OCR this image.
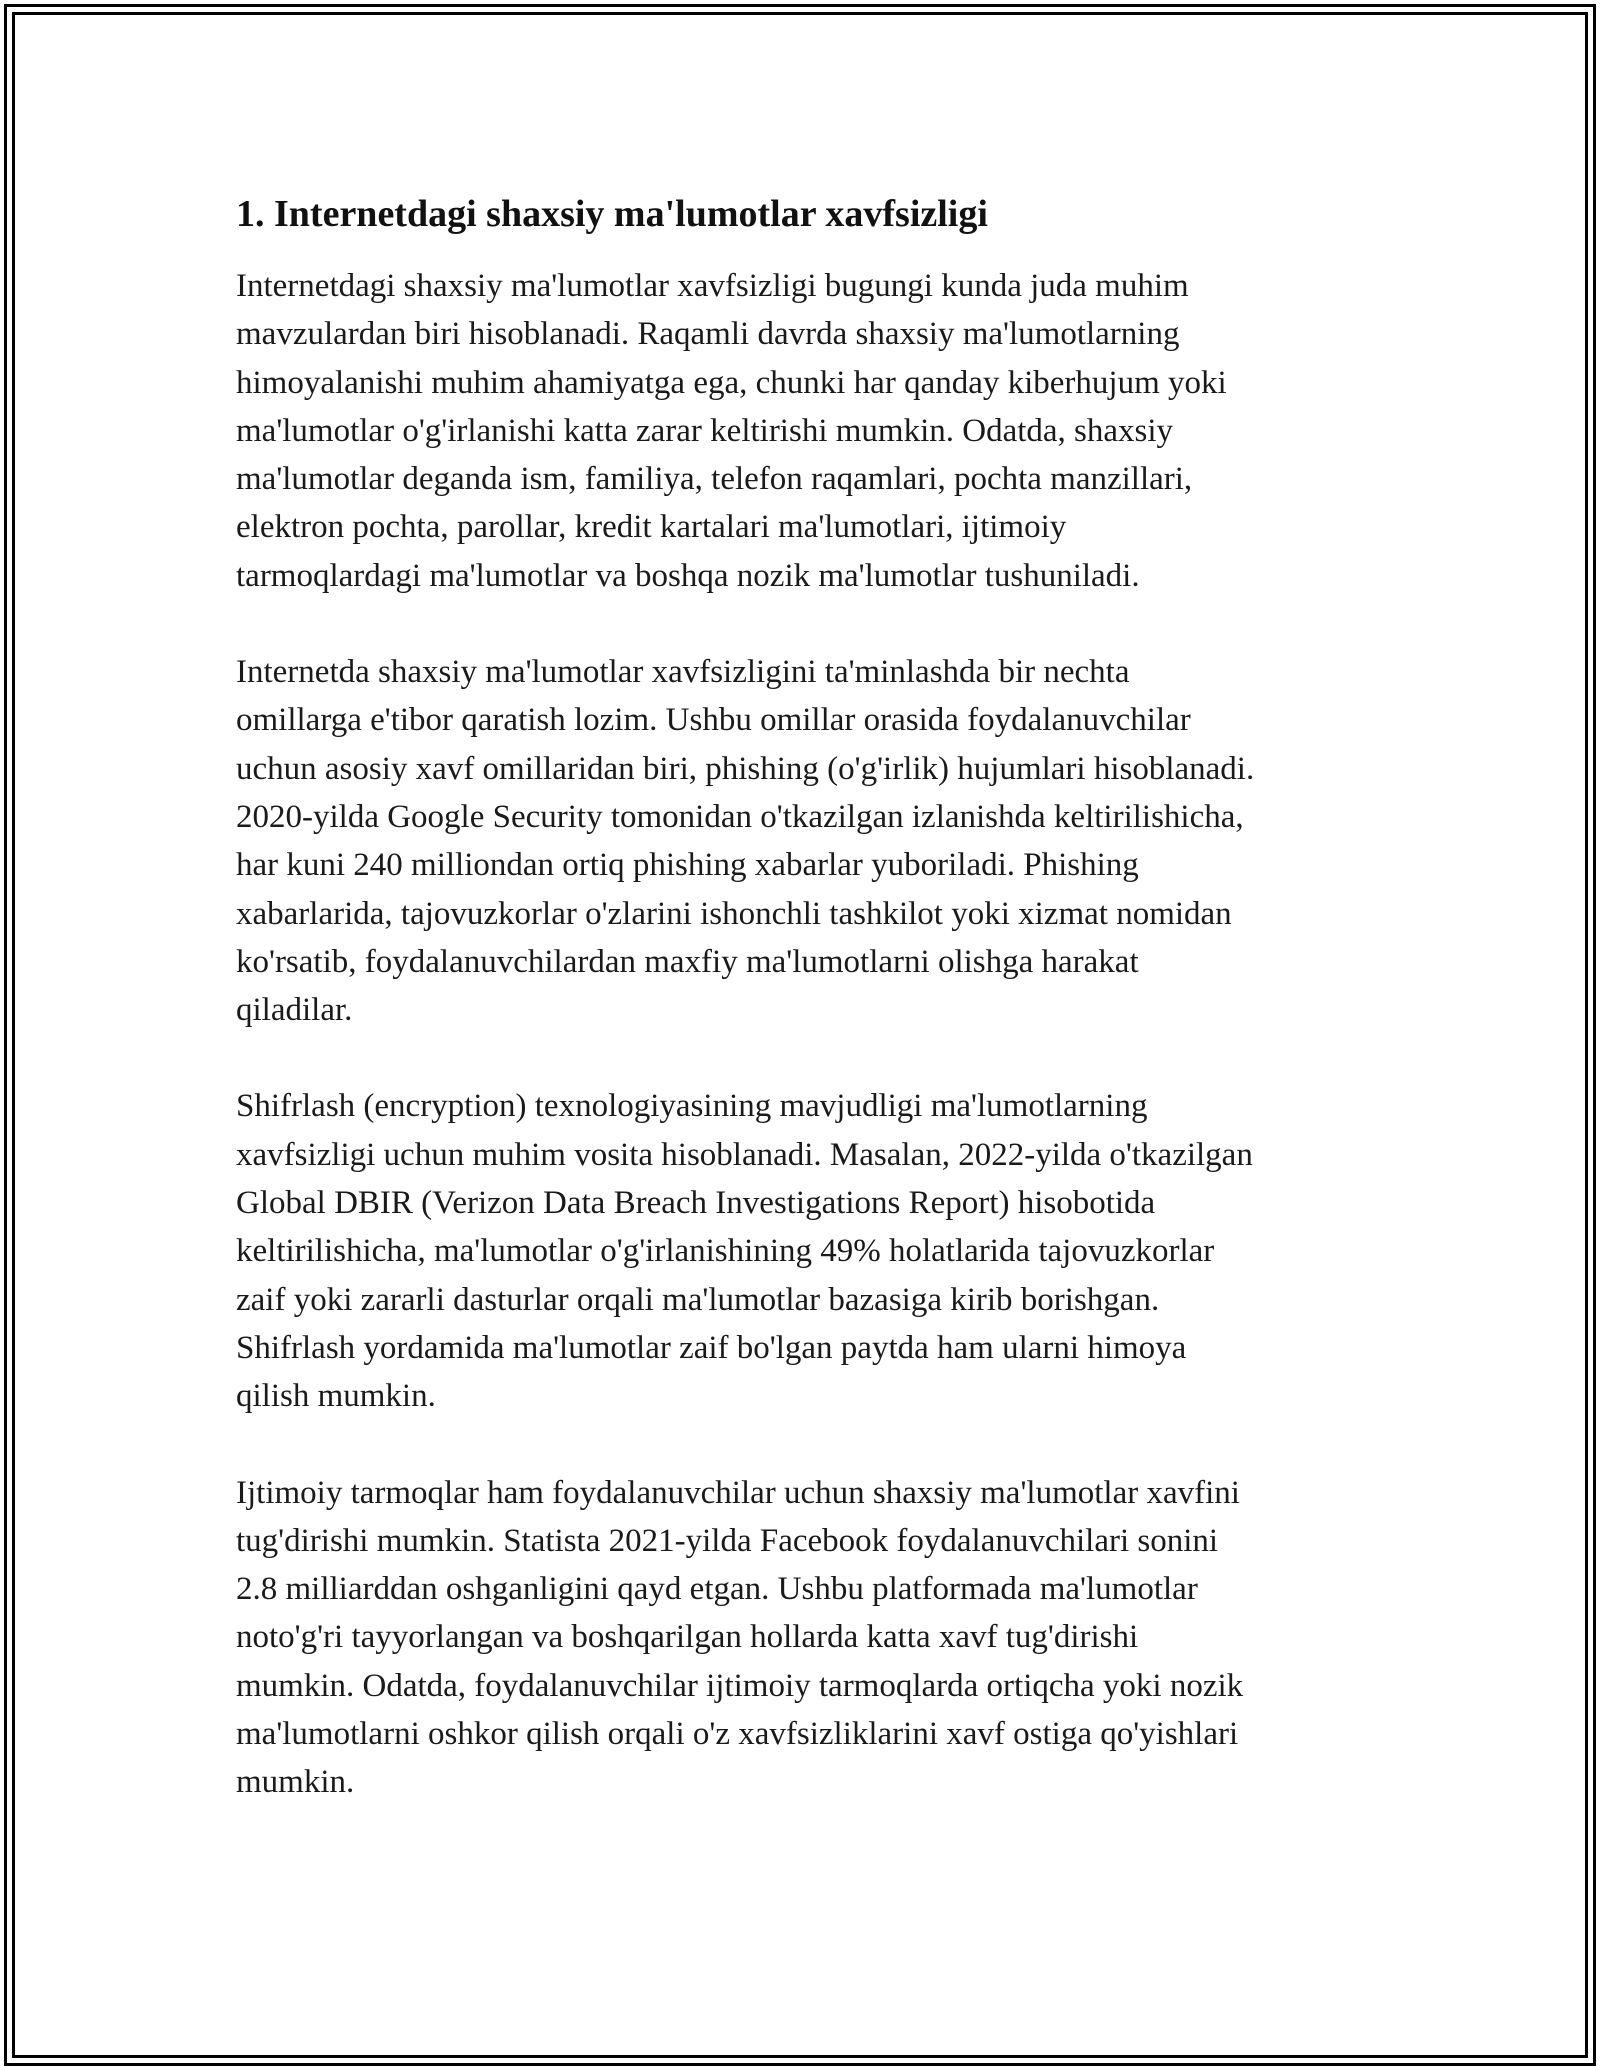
1. Internetdagi shaxsiy ma'lumotlar xavfsizligi

Internetdagi shaxsiy ma'lumotlar xavfsizligi bugungi kunda juda muhim
mavzulardan biri hisoblanadi. Raqamli davrda shaxsiy ma'lumotlarning
himoyalanishi muhim ahamiyatga ega, chunki har qanday kiberhujum yoki
ma'lumotlar o'g'irlanishi katta zarar keltirishi mumkin. Odatda, shaxsiy
ma'lumotlar deganda ism, familiya, telefon raqamlari, pochta manzillari,
elektron pochta, parollar, kredit kartalari ma'lumotlari, ijtimoiy
tarmoqlardagi ma'lumotlar va boshqa nozik ma'lumotlar tushuniladi.

Internetda shaxsiy ma'lumotlar xavfsizligini ta'minlashda bir nechta
omillarga e'tibor qaratish lozim. Ushbu omillar orasida foydalanuvchilar
uchun asosiy xavf omillaridan biri, phishing (o'g'irlik) hujumlari hisoblanadi.
2020-yilda Google Security tomonidan o'tkazilgan izlanishda keltirilishicha,
har kuni 240 milliondan ortiq phishing xabarlar yuboriladi. Phishing
xabarlarida, tajovuzkorlar o'zlarini ishonchli tashkilot yoki xizmat nomidan
ko'rsatib, foydalanuvchilardan maxfiy ma'lumotlarni olishga harakat
qiladilar.

Shifrlash (encryption) texnologiyasining mavjudligi ma'lumotlarning
xavfsizligi uchun muhim vosita hisoblanadi. Masalan, 2022-yilda o'tkazilgan
Global DBIR (Verizon Data Breach Investigations Report) hisobotida
keltirilishicha, ma'lumotlar o'g'irlanishining 49% holatlarida tajovuzkorlar
zaif yoki zararli dasturlar orqali ma'lumotlar bazasiga kirib borishgan.
Shifrlash yordamida ma'lumotlar zaif bo'lgan paytda ham ularni himoya
qilish mumkin.

Ijtimoiy tarmoqlar ham foydalanuvchilar uchun shaxsiy ma'lumotlar xavfini
tug'dirishi mumkin. Statista 2021-yilda Facebook foydalanuvchilari sonini
2.8 milliarddan oshganligini qayd etgan. Ushbu platformada ma'lumotlar
noto'g'ri tayyorlangan va boshqarilgan hollarda katta xavf tug'dirishi
mumkin. Odatda, foydalanuvchilar ijtimoiy tarmoqlarda ortiqcha yoki nozik
ma'lumotlarni oshkor qilish orqali o'z xavfsizliklarini xavf ostiga qo'yishlari
mumkin.
